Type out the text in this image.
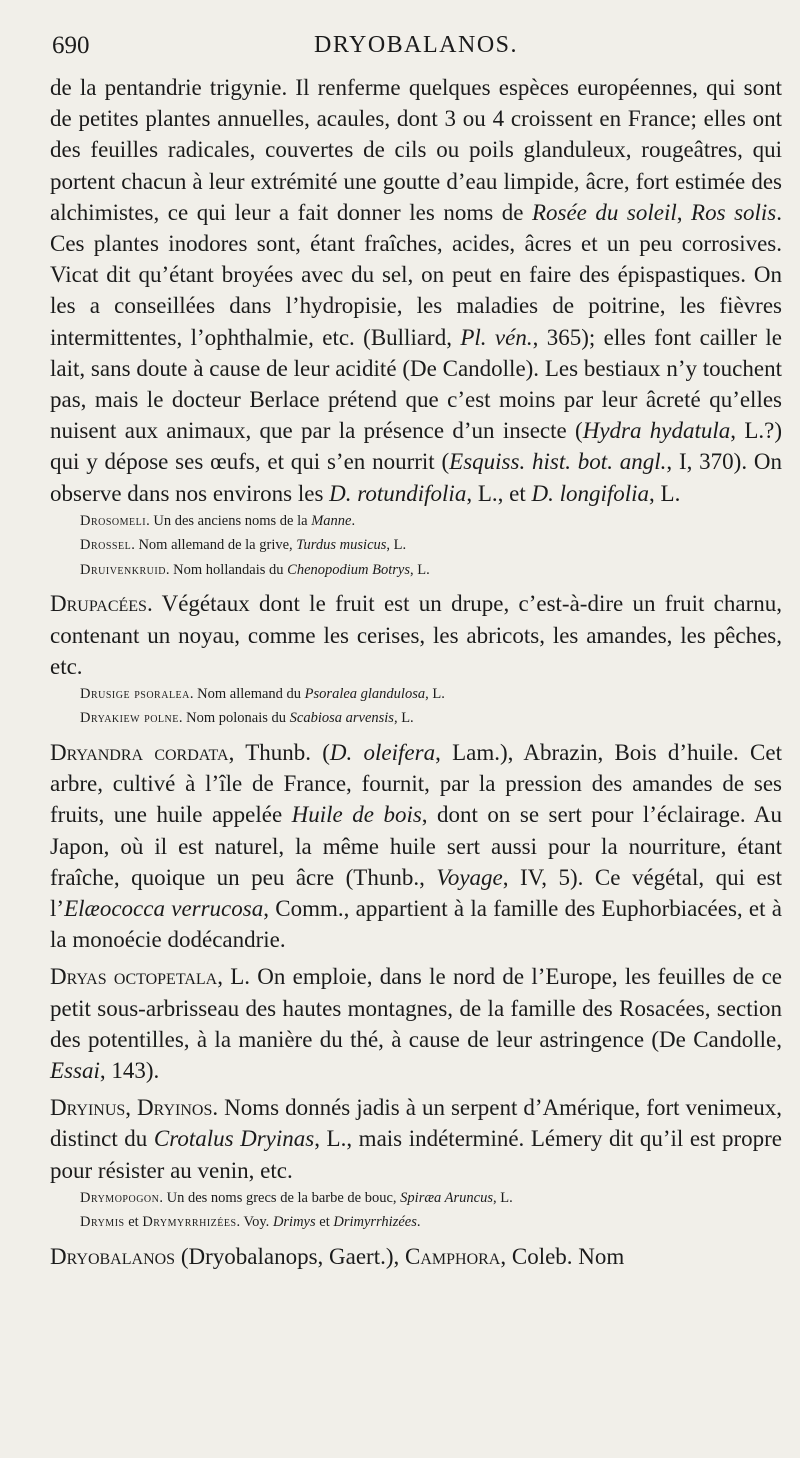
690	DRYOBALANOS.

de la pentandrie trigynie. Il renferme quelques espèces européennes, qui sont de petites plantes annuelles, acaules, dont 3 ou 4 croissent en France; elles ont des feuilles radicales, couvertes de cils ou poils glanduleux, rougeâtres, qui portent chacun à leur extrémité une goutte d’eau limpide, âcre, fort estimée des alchimistes, ce qui leur a fait donner les noms de Rosée du soleil, Ros solis. Ces plantes inodores sont, étant fraîches, acides, âcres et un peu corrosives. Vicat dit qu’étant broyées avec du sel, on peut en faire des épispastiques. On les a conseillées dans l’hydropisie, les maladies de poitrine, les fièvres intermittentes, l’ophthalmie, etc. (Bulliard, Pl. vén., 365); elles font cailler le lait, sans doute à cause de leur acidité (De Candolle). Les bestiaux n’y touchent pas, mais le docteur Berlace prétend que c’est moins par leur âcreté qu’elles nuisent aux animaux, que par la présence d’un insecte (Hydra hydatula, L.?) qui y dépose ses œufs, et qui s’en nourrit (Esquiss. hist. bot. angl., I, 370). On observe dans nos environs les D. rotundifolia, L., et D. longifolia, L.

Drosomeli. Un des anciens noms de la Manne.

Drossel. Nom allemand de la grive, Turdus musicus, L.

Druivenkruid. Nom hollandais du Chenopodium Botrys, L.

Drupacées. Végétaux dont le fruit est un drupe, c’est-à-dire un fruit charnu, contenant un noyau, comme les cerises, les abricots, les amandes, les pêches, etc.

Drusige psoralea. Nom allemand du Psoralea glandulosa, L.

Dryakiew polne. Nom polonais du Scabiosa arvensis, L.

Dryandra cordata, Thunb. (D. oleifera, Lam.), Abrazin, Bois d’huile. Cet arbre, cultivé à l’île de France, fournit, par la pression des amandes de ses fruits, une huile appelée Huile de bois, dont on se sert pour l’éclairage. Au Japon, où il est naturel, la même huile sert aussi pour la nourriture, étant fraîche, quoique un peu âcre (Thunb., Voyage, IV, 5). Ce végétal, qui est l’Elæococca verrucosa, Comm., appartient à la famille des Euphorbiacées, et à la monoécie dodécandrie.

Dryas octopetala, L. On emploie, dans le nord de l’Europe, les feuilles de ce petit sous-arbrisseau des hautes montagnes, de la famille des Rosacées, section des potentilles, à la manière du thé, à cause de leur astringence (De Candolle, Essai, 143).

Dryinus, Dryinos. Noms donnés jadis à un serpent d’Amérique, fort venimeux, distinct du Crotalus Dryinas, L., mais indéterminé. Lémery dit qu’il est propre pour résister au venin, etc.

Drymopogon. Un des noms grecs de la barbe de bouc, Spiræa Aruncus, L.

Drymis et Drymyrrhizées. Voy. Drimys et Drimyrrhizées.

Dryobalanos (Dryobalanops, Gaert.), Camphora, Coleb. Nom
